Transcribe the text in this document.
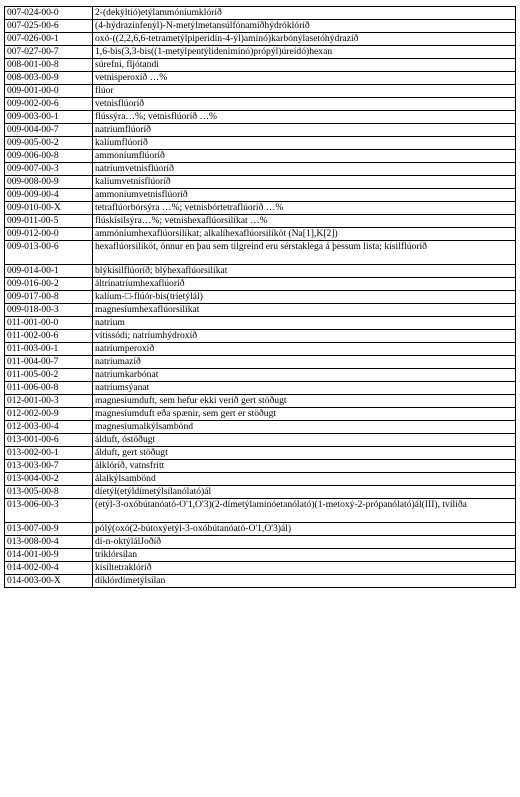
007-024-00-0	2-(dekýltíó)etýlammóníumklóríð
007-025-00-6	(4-hýdrazínfenýl)-N-metýlmetansúlfónamíðhýdróklóríð
007-026-00-1	oxó-((2,2,6,6-tetrametýlpiperidín-4-ýl)amínó)karbónýlasetóhýdrazíð
007-027-00-7	1,6-bis(3,3-bis((1-metýlpentýlidenimínó)própýl)úreídó)hexan
008-001-00-8	súrefni, fljótandi
008-003-00-9	vetnisperoxíð …%
009-001-00-0	flúor
009-002-00-6	vetnisflúoríð
009-003-00-1	flússýra…%; vetnisflúoríð …%
009-004-00-7	natríumflúoríð
009-005-00-2	kalíumflúoríð
009-006-00-8	ammoníumflúoríð
009-007-00-3	natríumvetnisflúoríð
009-008-00-9	kalíumvetnisflúoríð
009-009-00-4	ammoníumvetnisflúoríð
009-010-00-X	tetraflúorbórsýra …%; vetnisbórtetraflúoríð …%
009-011-00-5	flúskísilsýra…%; vetnishexaflúorsilíkat …%
009-012-00-0	ammóníumhexaflúorsilíkat; alkalíhexaflúorsilíköt (Na[1],K[2])
009-013-00-6	hexaflúorsilíköt, önnur en þau sem tilgreind eru sérstaklega á þessum lista; kísilflúoríð
009-014-00-1	blýkísilflúoríð; blýhexaflúorsilíkat
009-016-00-2	áltrínatríumhexaflúoríð
009-017-00-8	kalíum-□-flúór-bis(tríetýlál)
009-018-00-3	magnesíumhexaflúorsilíkat
011-001-00-0	natríum
011-002-00-6	vítissódi; natríumhýdroxíð
011-003-00-1	natríumperoxíð
011-004-00-7	natríumazíð
011-005-00-2	natríumkarbónat
011-006-00-8	natríumsýanat
012-001-00-3	magnesíumduft, sem hefur ekki verið gert stöðugt
012-002-00-9	magnesíumduft eða spænir, sem gert er stöðugt
012-003-00-4	magnesíumalkýlsambönd
013-001-00-6	álduft, óstöðugt
013-002-00-1	álduft, gert stöðugt
013-003-00-7	álklóríð, vatnsfrítt
013-004-00-2	álalkýlsambönd
013-005-00-8	díetýl(etýldímetýlsílanólató)ál
013-006-00-3	(etýl-3-oxóbútanóató-O'1,O'3)(2-dímetýlamínóetanólató)(1-metoxý-2-própanólató)ál(III), tvíliða
013-007-00-9	pólý(oxó(2-bútoxýetýl-3-oxóbútanóató-O'1,O'3)ál)
013-008-00-4	dí-n-oktýlálJoðíð
014-001-00-9	tríklórsílan
014-002-00-4	kísiltetraklóríð
014-003-00-X	díklórdímetýlsílan
